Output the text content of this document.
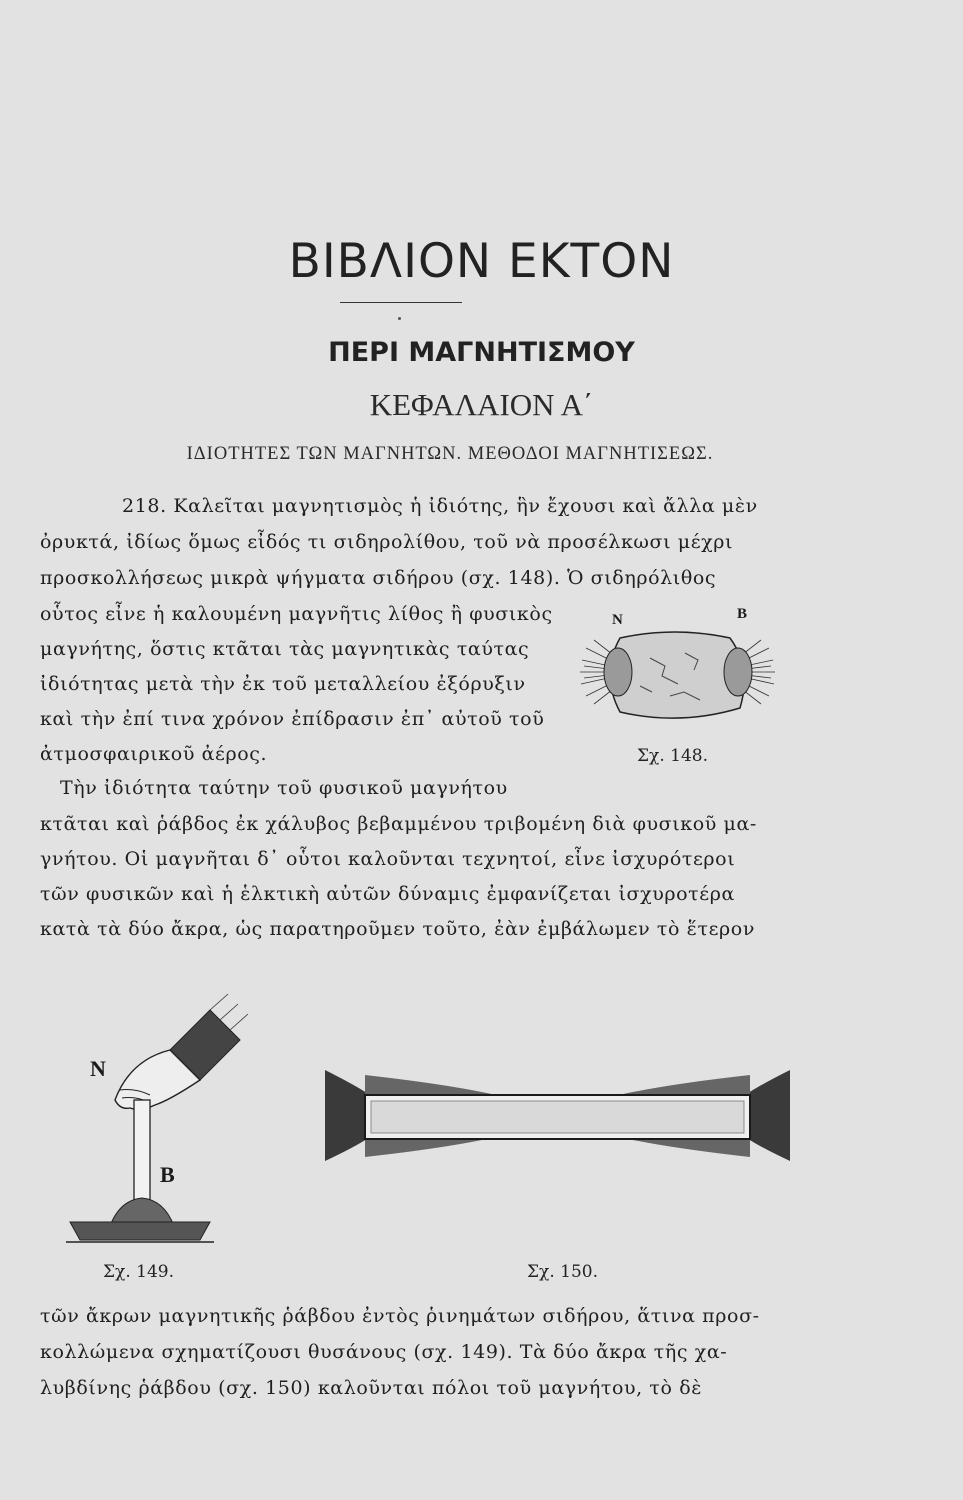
ΒΙΒΛΙΟΝ ΕΚΤΟΝ
ΠΕΡΙ ΜΑΓΝΗΤΙΣΜΟΥ
ΚΕΦΑΛΑΙΟΝ Α΄
ΙΔΙΟΤΗΤΕΣ ΤΩΝ ΜΑΓΝΗΤΩΝ. ΜΕΘΟΔΟΙ ΜΑΓΝΗΤΙΣΕΩΣ.
218. Καλεῖται μαγνητισμὸς ἡ ἰδιότης, ἣν ἔχουσι καὶ ἄλλα μὲν
ὀρυκτά, ἰδίως ὅμως εἶδός τι σιδηρολίθου, τοῦ νὰ προσέλκωσι μέχρι
προσκολλήσεως μικρὰ ψήγματα σιδήρου (σχ. 148). Ὁ σιδηρόλιθος
οὗτος εἶνε ἡ καλουμένη μαγνῆτις λίθος ἢ φυσικὸς
μαγνήτης, ὅστις κτᾶται τὰς μαγνητικὰς ταύτας
ἰδιότητας μετὰ τὴν ἐκ τοῦ μεταλλείου ἐξόρυξιν
καὶ τὴν ἐπί τινα χρόνον ἐπίδρασιν ἐπ᾽ αὐτοῦ τοῦ
ἀτμοσφαιρικοῦ ἀέρος.
Τὴν ἰδιότητα ταύτην τοῦ φυσικοῦ μαγνήτου
κτᾶται καὶ ῥάβδος ἐκ χάλυβος βεβαμμένου τριβομένη διὰ φυσικοῦ μα-
γνήτου. Οἱ μαγνῆται δ᾽ οὗτοι καλοῦνται τεχνητοί, εἶνε ἰσχυρότεροι
τῶν φυσικῶν καὶ ἡ ἑλκτικὴ αὐτῶν δύναμις ἐμφανίζεται ἰσχυροτέρα
κατὰ τὰ δύο ἄκρα, ὡς παρατηροῦμεν τοῦτο, ἐὰν ἐμβάλωμεν τὸ ἕτερον
N	B
Σχ. 148.
N
B
Σχ. 149.	Σχ. 150.
τῶν ἄκρων μαγνητικῆς ῥάβδου ἐντὸς ῥινημάτων σιδήρου, ἅτινα προσ-
κολλώμενα σχηματίζουσι θυσάνους (σχ. 149). Τὰ δύο ἄκρα τῆς χα-
λυβδίνης ῥάβδου (σχ. 150) καλοῦνται πόλοι τοῦ μαγνήτου, τὸ δὲ
